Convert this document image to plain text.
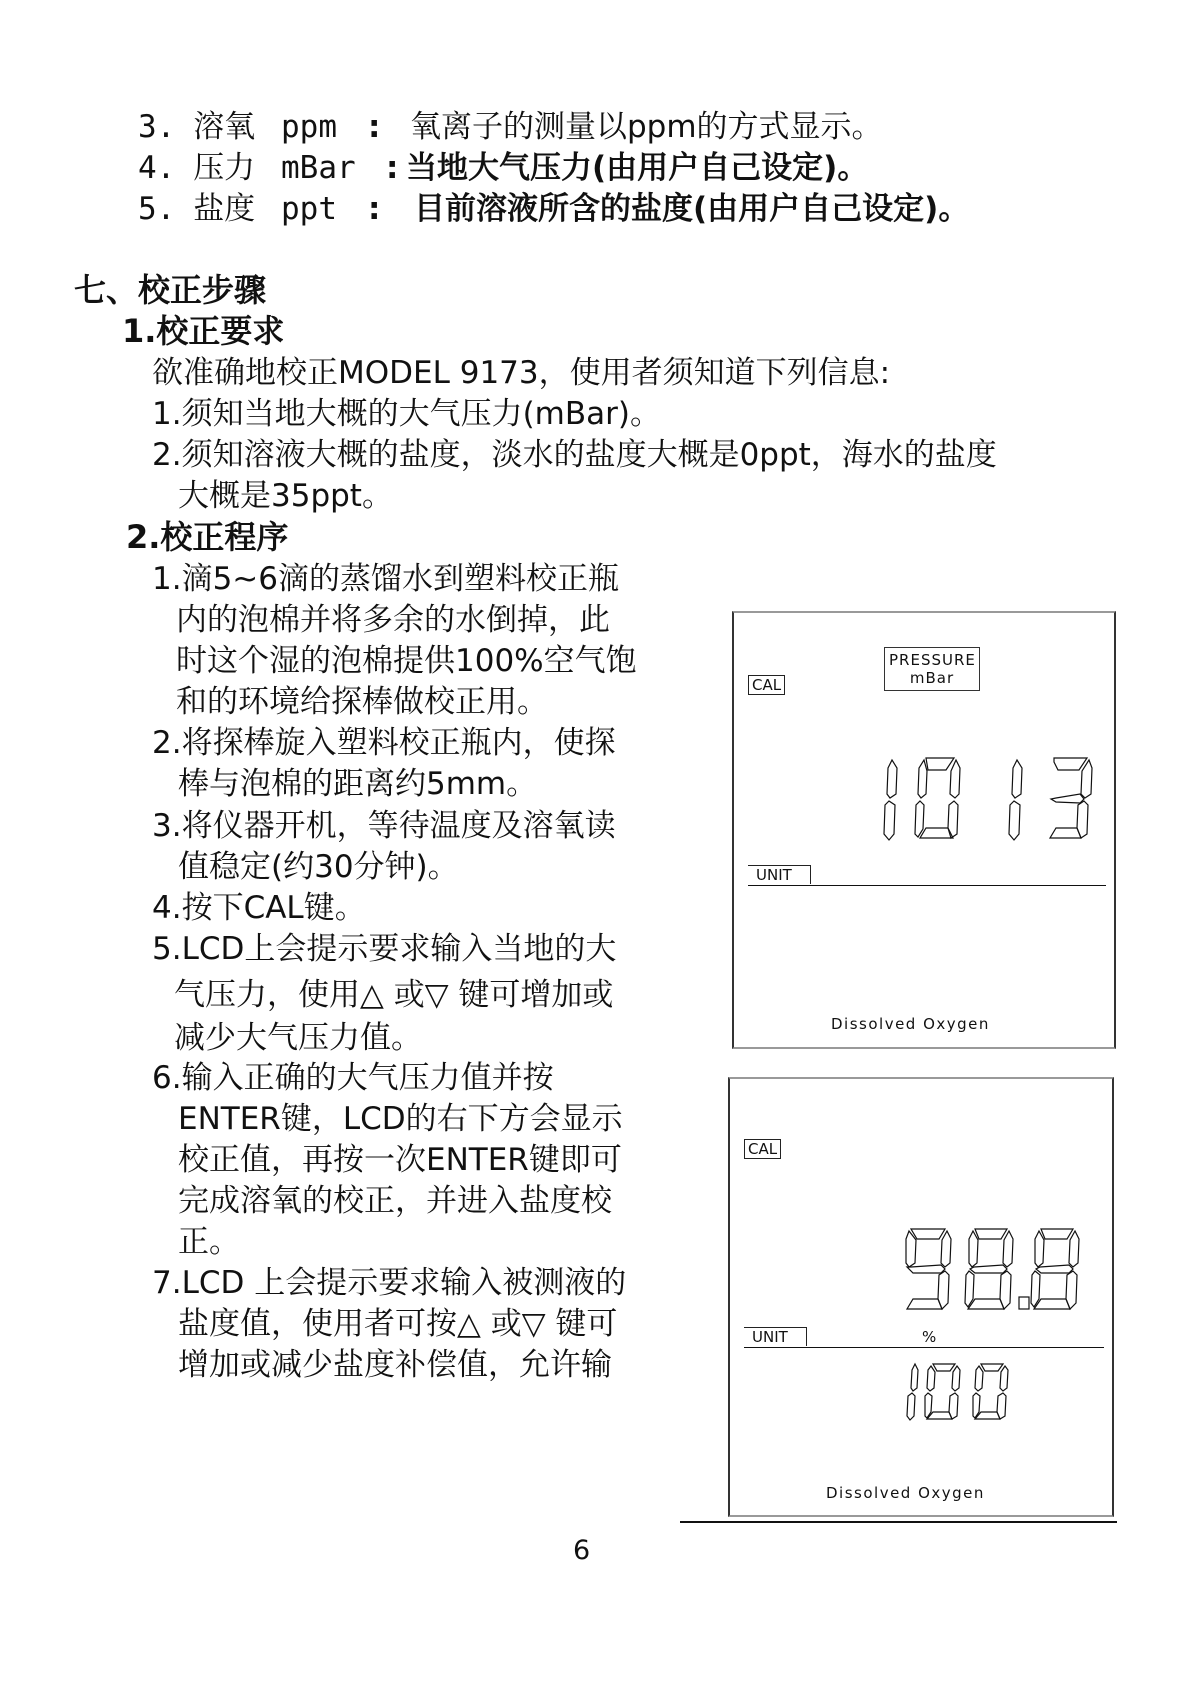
3. 溶氧 ppm : 氧离子的测量以ppm的方式显示。
4. 压力 mBar : 当地大气压力(由用户自己设定)。
5. 盐度 ppt : 目前溶液所含的盐度(由用户自己设定)。
七、校正步骤
1.校正要求
欲准确地校正MODEL 9173，使用者须知道下列信息:
1.须知当地大概的大气压力(mBar)。
2.须知溶液大概的盐度，淡水的盐度大概是0ppt，海水的盐度
大概是35ppt。
2.校正程序
1.滴5~6滴的蒸馏水到塑料校正瓶
内的泡棉并将多余的水倒掉，此
时这个湿的泡棉提供100%空气饱
和的环境给探棒做校正用。
2.将探棒旋入塑料校正瓶内，使探
棒与泡棉的距离约5mm。
3.将仪器开机，等待温度及溶氧读
值稳定(约30分钟)。
4.按下CAL键。
5.LCD上会提示要求输入当地的大
气压力，使用△ 或▽ 键可增加或
减少大气压力值。
6.输入正确的大气压力值并按
ENTER键，LCD的右下方会显示
校正值，再按一次ENTER键即可
完成溶氧的校正，并进入盐度校
正。
7.LCD 上会提示要求输入被测液的
盐度值，使用者可按△ 或▽ 键可
增加或减少盐度补偿值，允许输
CAL
PRESSURE
mBar
UNIT
Dissolved Oxygen
CAL
UNIT	%
Dissolved Oxygen
6
